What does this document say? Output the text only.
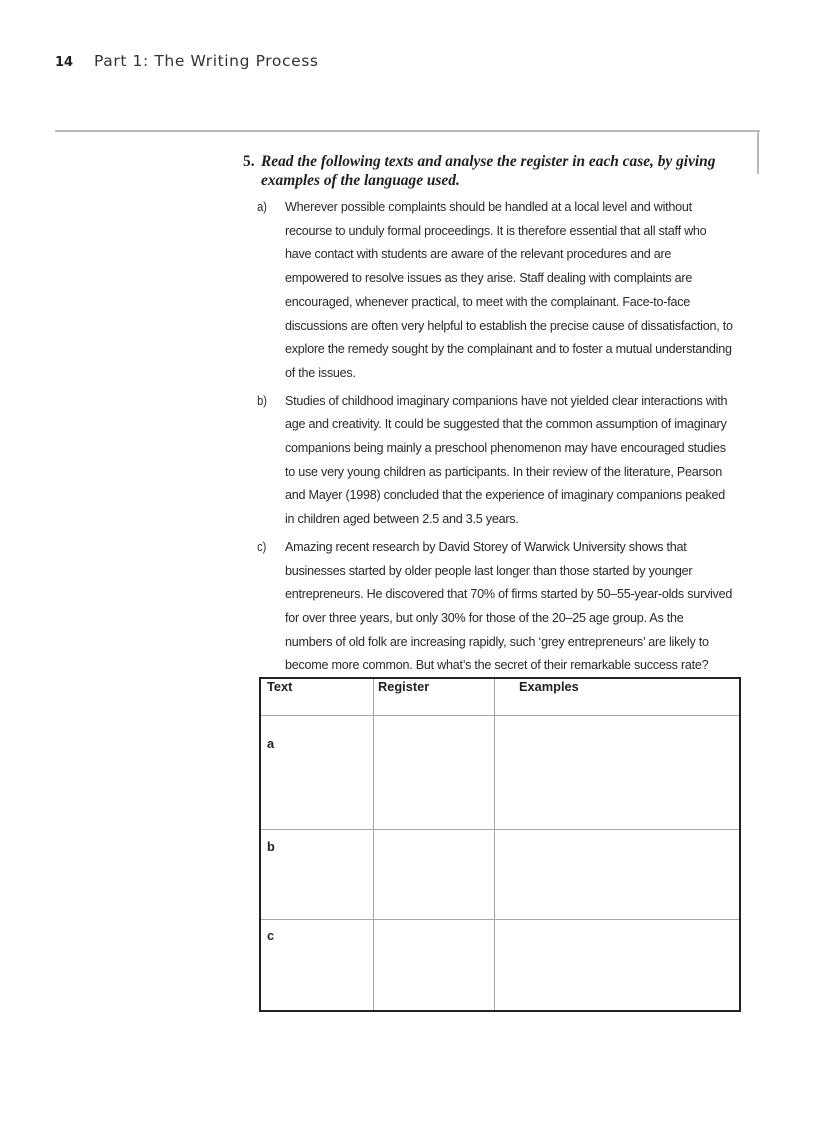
14	Part 1: The Writing Process
5. Read the following texts and analyse the register in each case, by giving examples of the language used.
a)	Wherever possible complaints should be handled at a local level and without recourse to unduly formal proceedings. It is therefore essential that all staff who have contact with students are aware of the relevant procedures and are empowered to resolve issues as they arise. Staff dealing with complaints are encouraged, whenever practical, to meet with the complainant. Face-to-face discussions are often very helpful to establish the precise cause of dissatisfaction, to explore the remedy sought by the complainant and to foster a mutual understanding of the issues.
b)	Studies of childhood imaginary companions have not yielded clear interactions with age and creativity. It could be suggested that the common assumption of imaginary companions being mainly a preschool phenomenon may have encouraged studies to use very young children as participants. In their review of the literature, Pearson and Mayer (1998) concluded that the experience of imaginary companions peaked in children aged between 2.5 and 3.5 years.
c)	Amazing recent research by David Storey of Warwick University shows that businesses started by older people last longer than those started by younger entrepreneurs. He discovered that 70% of firms started by 50–55-year-olds survived for over three years, but only 30% for those of the 20–25 age group. As the numbers of old folk are increasing rapidly, such ‘grey entrepreneurs’ are likely to become more common. But what’s the secret of their remarkable success rate?
Text	Register	Examples
a		
b		
c		
